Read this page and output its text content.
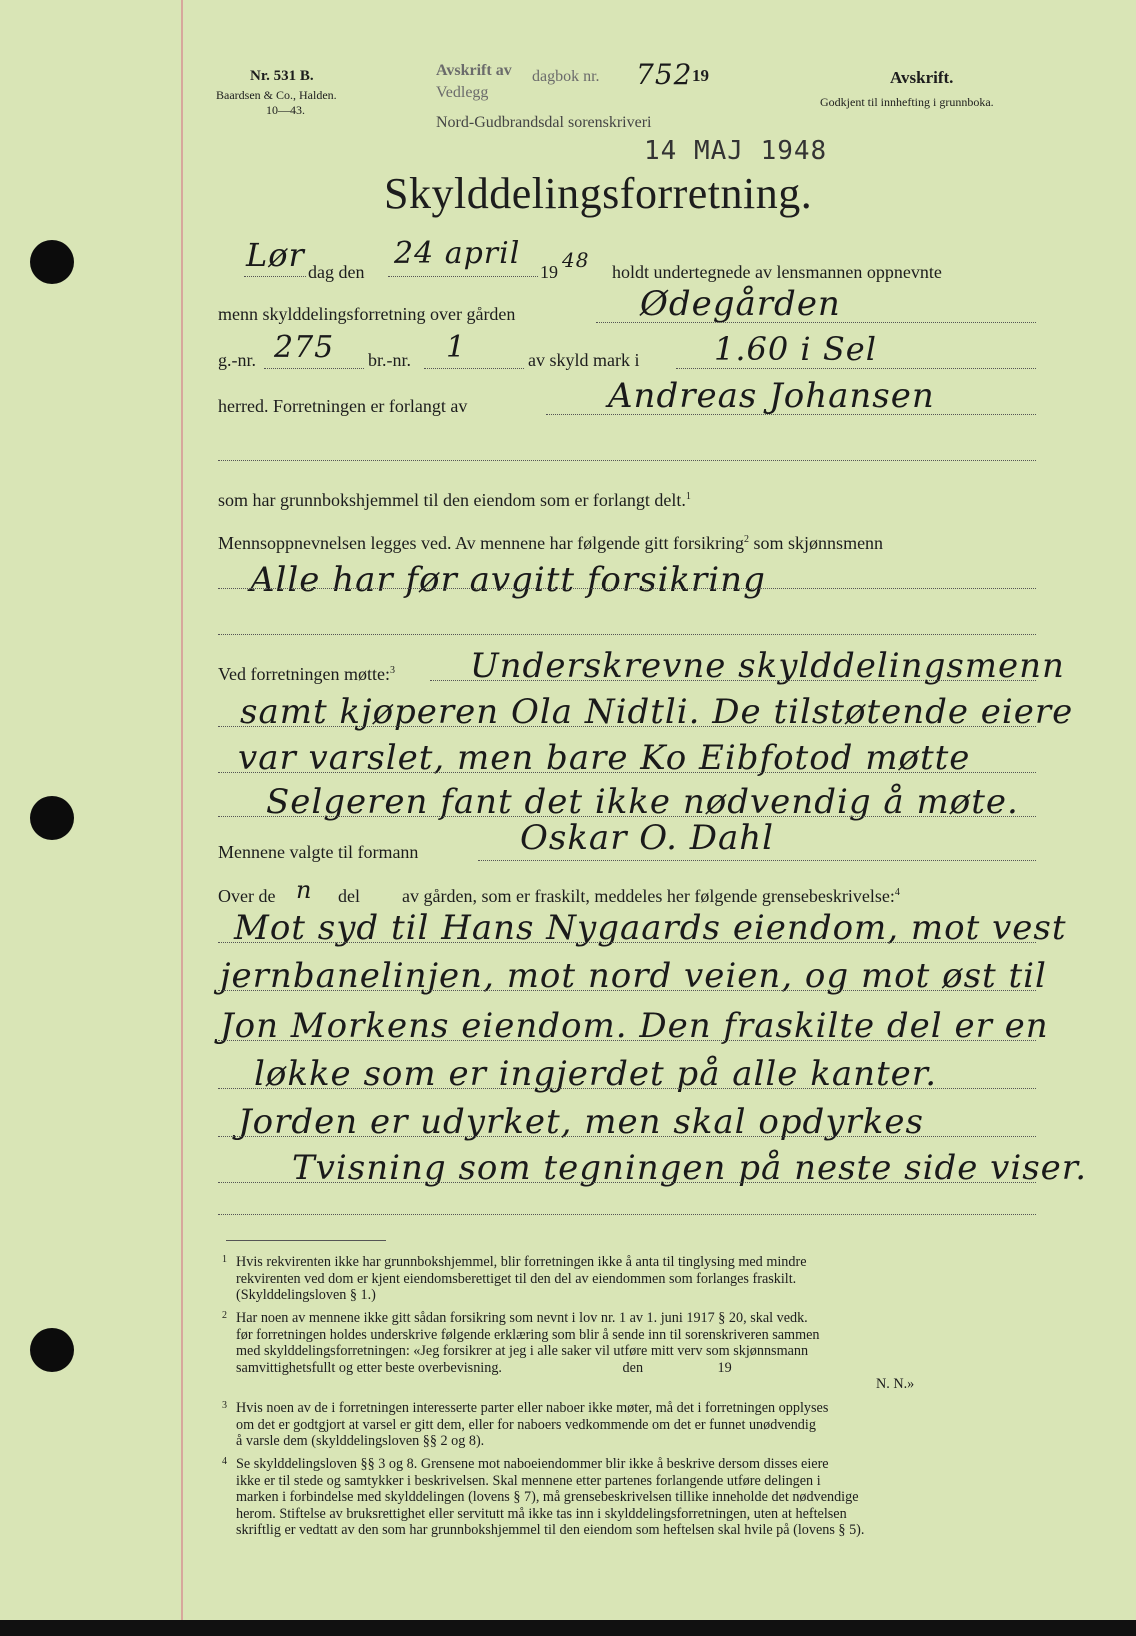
Nr. 531 B.
Baardsen & Co., Halden.
10—43.
Avskrift av dagbok nr. 752 19
Vedlegg
Nord-Gudbrandsdal sorenskriveri
14 MAJ 1948
Avskrift.
Godkjent til innhefting i grunnboka.
Skylddelingsforretning.
Lør dag den
24 april
19 48 holdt undertegnede av lensmannen oppnevnte
menn skylddelingsforretning over gården	Ødegården
g.-nr. 275 br.-nr. 1	av skyld mark i 1.60 i Sel
herred. Forretningen er forlangt av	Andreas Johansen
som har grunnbokshjemmel til den eiendom som er forlangt delt.$^1$
Mennsoppnevnelsen legges ved. Av mennene har følgende gitt forsikring$^2$ som skjønnsmenn
Alle har før avgitt forsikring
Ved forretningen møtte:$^3$ Underskrevne skylddelingsmenn
samt kjøperen Ola Nidtli. De tilstøtende eiere
var varslet, men bare Ko Eibfotod møtte
Selgeren fant det ikke nødvendig å møte.
Mennene valgte til formann	Oskar O. Dahl
Over de n del av gården, som er fraskilt, meddeles her følgende grensebeskrivelse:$^4$
Mot syd til Hans Nygaards eiendom, mot vest
jernbanelinjen, mot nord veien, og mot øst til
Jon Morkens eiendom. Den fraskilte del er en
løkke som er ingjerdet på alle kanter.
Jorden er udyrket, men skal opdyrkes
Tvisning som tegningen på neste side viser.
1 Hvis rekvirenten ikke har grunnbokshjemmel, blir forretningen ikke å anta til tinglysing med mindre
rekvirenten ved dom er kjent eiendomsberettiget til den del av eiendommen som forlanges fraskilt.
(Skylddelingsloven § 1.)
2 Har noen av mennene ikke gitt sådan forsikring som nevnt i lov nr. 1 av 1. juni 1917 § 20, skal vedk.
før forretningen holdes underskrive følgende erklæring som blir å sende inn til sorenskriveren sammen
med skylddelingsforretningen: «Jeg forsikrer at jeg i alle saker vil utføre mitt verv som skjønnsmann
samvittighetsfullt og etter beste overbevisning.                                  den                     19
N. N.»
3 Hvis noen av de i forretningen interesserte parter eller naboer ikke møter, må det i forretningen opplyses
om det er godtgjort at varsel er gitt dem, eller for naboers vedkommende om det er funnet unødvendig
å varsle dem (skylddelingsloven §§ 2 og 8).
4 Se skylddelingsloven §§ 3 og 8. Grensene mot naboeiendommer blir ikke å beskrive dersom disses eiere
ikke er til stede og samtykker i beskrivelsen. Skal mennene etter partenes forlangende utføre delingen i
marken i forbindelse med skylddelingen (lovens § 7), må grensebeskrivelsen tillike inneholde det nødvendige
herom. Stiftelse av bruksrettighet eller servitutt må ikke tas inn i skylddelingsforretningen, uten at heftelsen
skriftlig er vedtatt av den som har grunnbokshjemmel til den eiendom som heftelsen skal hvile på (lovens § 5).
